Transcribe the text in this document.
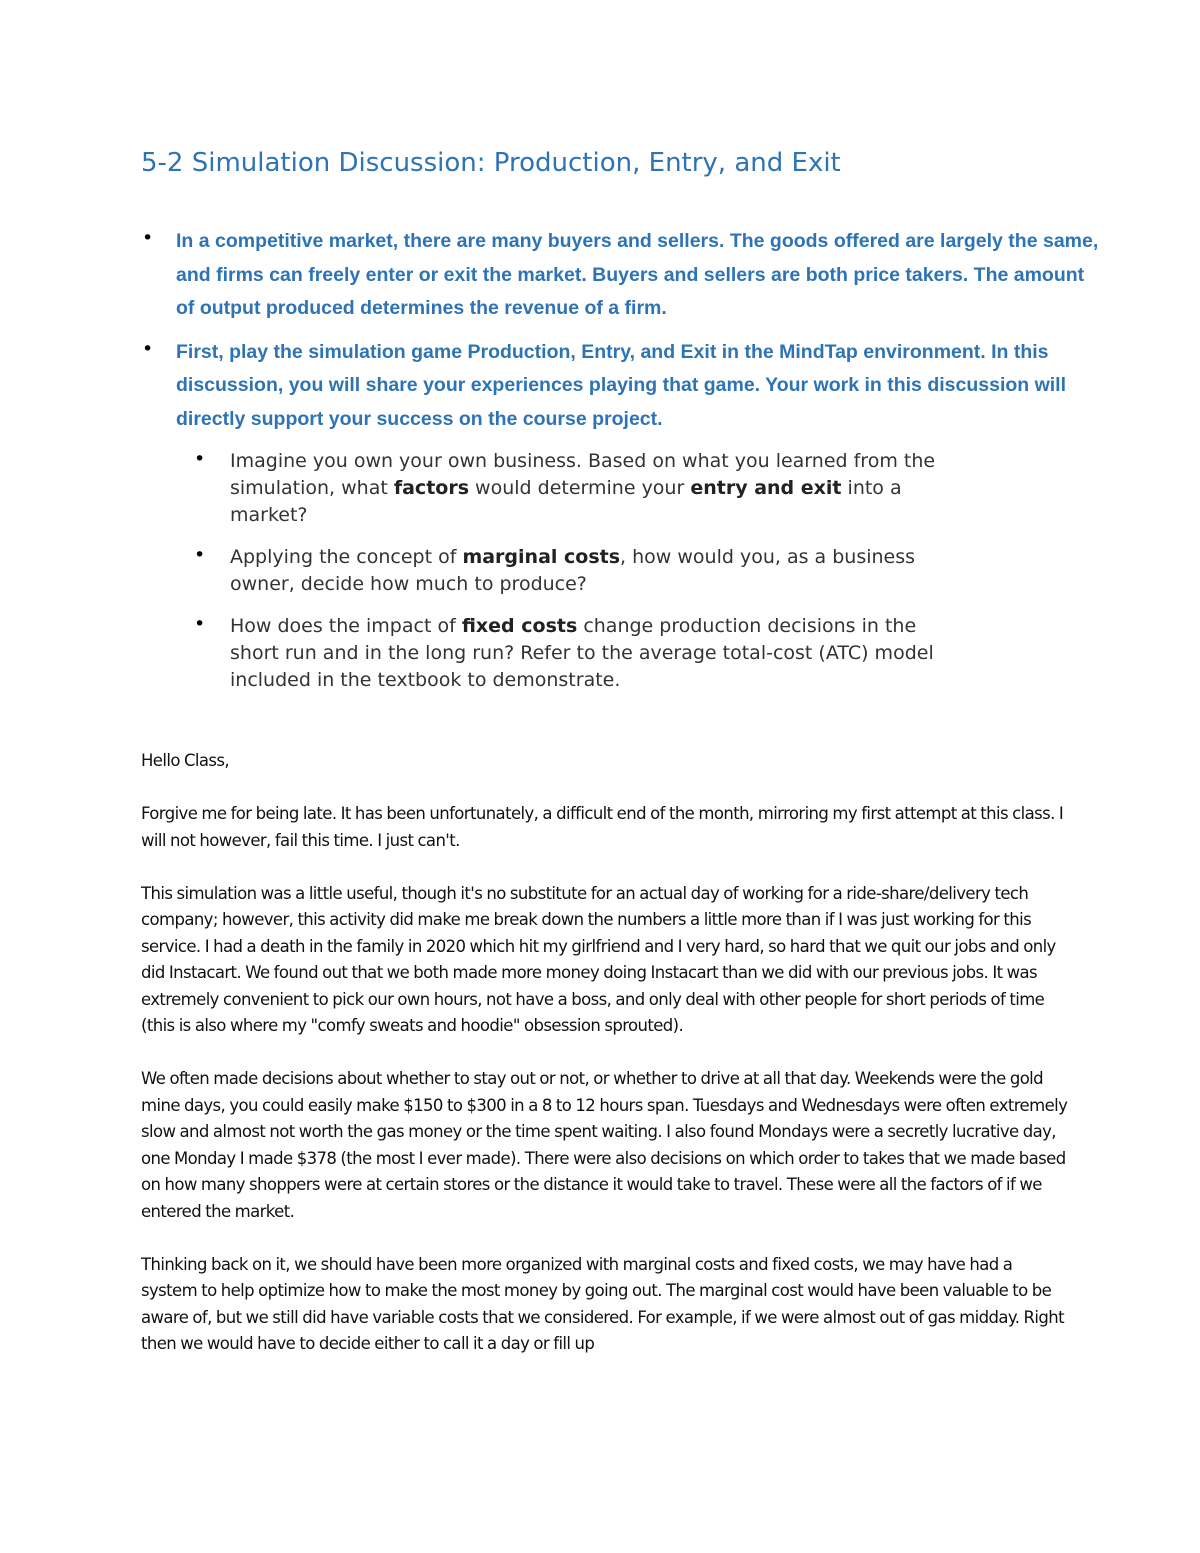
5-2 Simulation Discussion: Production, Entry, and Exit
• In a competitive market, there are many buyers and sellers. The goods offered are largely the same, and firms can freely enter or exit the market. Buyers and sellers are both price takers. The amount of output produced determines the revenue of a firm.
• First, play the simulation game Production, Entry, and Exit in the MindTap environment. In this discussion, you will share your experiences playing that game. Your work in this discussion will directly support your success on the course project.
• Imagine you own your own business. Based on what you learned from the simulation, what factors would determine your entry and exit into a market?
• Applying the concept of marginal costs, how would you, as a business owner, decide how much to produce?
• How does the impact of fixed costs change production decisions in the short run and in the long run? Refer to the average total-cost (ATC) model included in the textbook to demonstrate.

Hello Class,

Forgive me for being late. It has been unfortunately, a difficult end of the month, mirroring my first attempt at this class. I will not however, fail this time. I just can't.

This simulation was a little useful, though it's no substitute for an actual day of working for a ride-share/delivery tech company; however, this activity did make me break down the numbers a little more than if I was just working for this service. I had a death in the family in 2020 which hit my girlfriend and I very hard, so hard that we quit our jobs and only did Instacart. We found out that we both made more money doing Instacart than we did with our previous jobs. It was extremely convenient to pick our own hours, not have a boss, and only deal with other people for short periods of time (this is also where my "comfy sweats and hoodie" obsession sprouted).

We often made decisions about whether to stay out or not, or whether to drive at all that day. Weekends were the gold mine days, you could easily make $150 to $300 in a 8 to 12 hours span. Tuesdays and Wednesdays were often extremely slow and almost not worth the gas money or the time spent waiting. I also found Mondays were a secretly lucrative day, one Monday I made $378 (the most I ever made). There were also decisions on which order to takes that we made based on how many shoppers were at certain stores or the distance it would take to travel. These were all the factors of if we entered the market.

Thinking back on it, we should have been more organized with marginal costs and fixed costs, we may have had a system to help optimize how to make the most money by going out. The marginal cost would have been valuable to be aware of, but we still did have variable costs that we considered. For example, if we were almost out of gas midday. Right then we would have to decide either to call it a day or fill up
